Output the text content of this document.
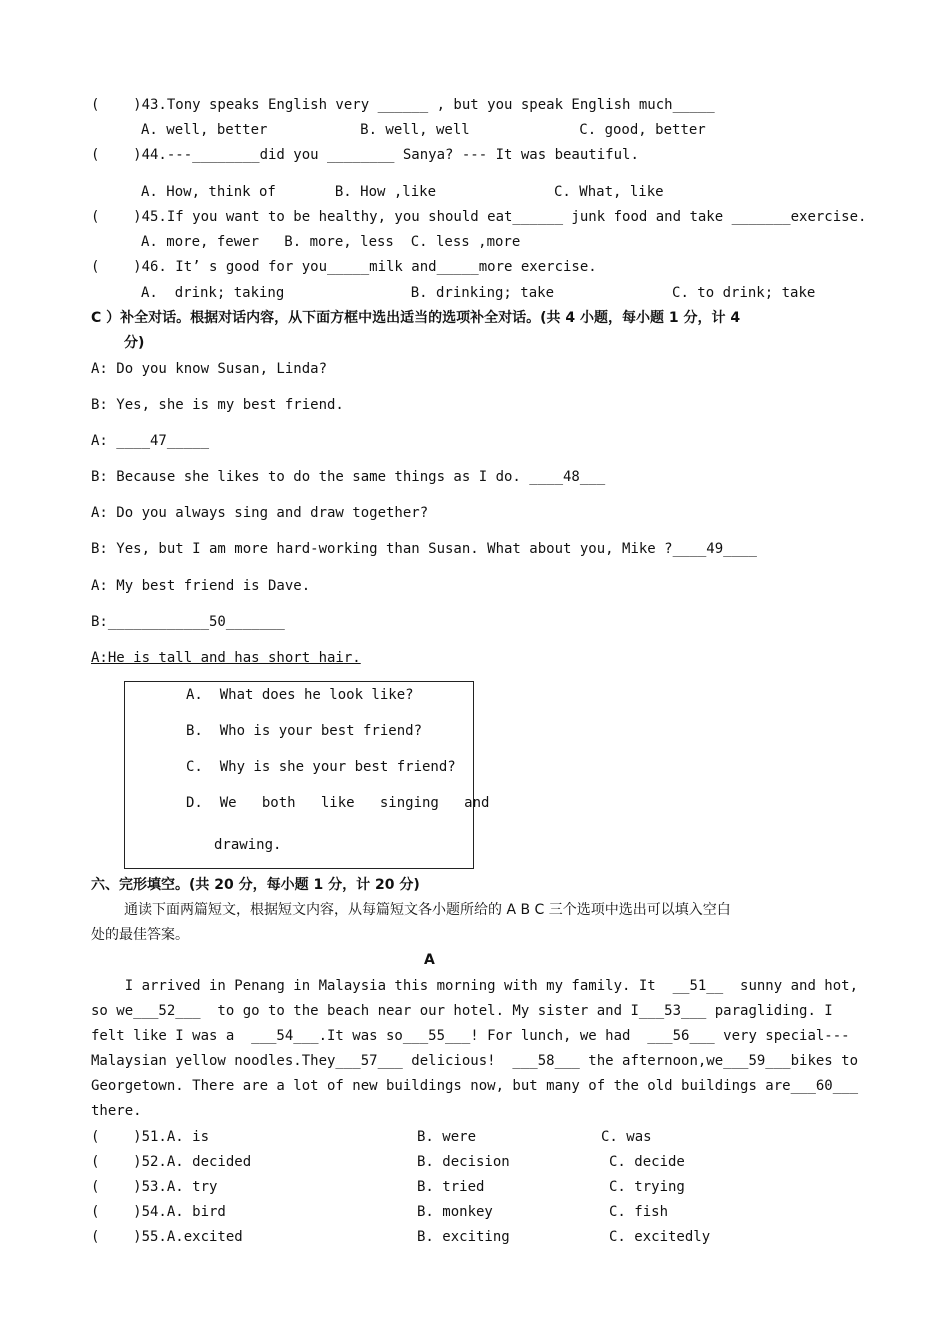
(    )43.Tony speaks English very ______ , but you speak English much_____
A. well, better           B. well, well             C. good, better
(    )44.---________did you ________ Sanya? --- It was beautiful.
A. How, think of       B. How ,like              C. What, like
(    )45.If you want to be healthy, you should eat______ junk food and take _______exercise.
A. more, fewer   B. more, less  C. less ,more
(    )46. It’ s good for you_____milk and_____more exercise.
A.  drink; taking               B. drinking; take              C. to drink; take
C ）补全对话。根据对话内容，从下面方框中选出适当的选项补全对话。(共 4 小题，每小题 1 分，计 4
分)
A: Do you know Susan, Linda?
B: Yes, she is my best friend.
A: ____47_____
B: Because she likes to do the same things as I do. ____48___
A: Do you always sing and draw together?
B: Yes, but I am more hard-working than Susan. What about you, Mike ?____49____
A: My best friend is Dave.
B:____________50_______
A:He is tall and has short hair.
A.  What does he look like?
B.  Who is your best friend?
C.  Why is she your best friend?
D.  We   both   like   singing   and
drawing.
六、完形填空。(共 20 分，每小题 1 分，计 20 分)
通读下面两篇短文，根据短文内容，从每篇短文各小题所给的 A B C 三个选项中选出可以填入空白
处的最佳答案。
A
I arrived in Penang in Malaysia this morning with my family. It  __51__  sunny and hot,
so we___52___  to go to the beach near our hotel. My sister and I___53___ paragliding. I
felt like I was a  ___54___.It was so___55___! For lunch, we had  ___56___ very special---
Malaysian yellow noodles.They___57___ delicious!  ___58___ the afternoon,we___59___bikes to
Georgetown. There are a lot of new buildings now, but many of the old buildings are___60___
there.
(    )51.A. is	B. were	C. was
(    )52.A. decided	B. decision	C. decide
(    )53.A. try	B. tried	C. trying
(    )54.A. bird	B. monkey	C. fish
(    )55.A.excited	B. exciting	C. excitedly
